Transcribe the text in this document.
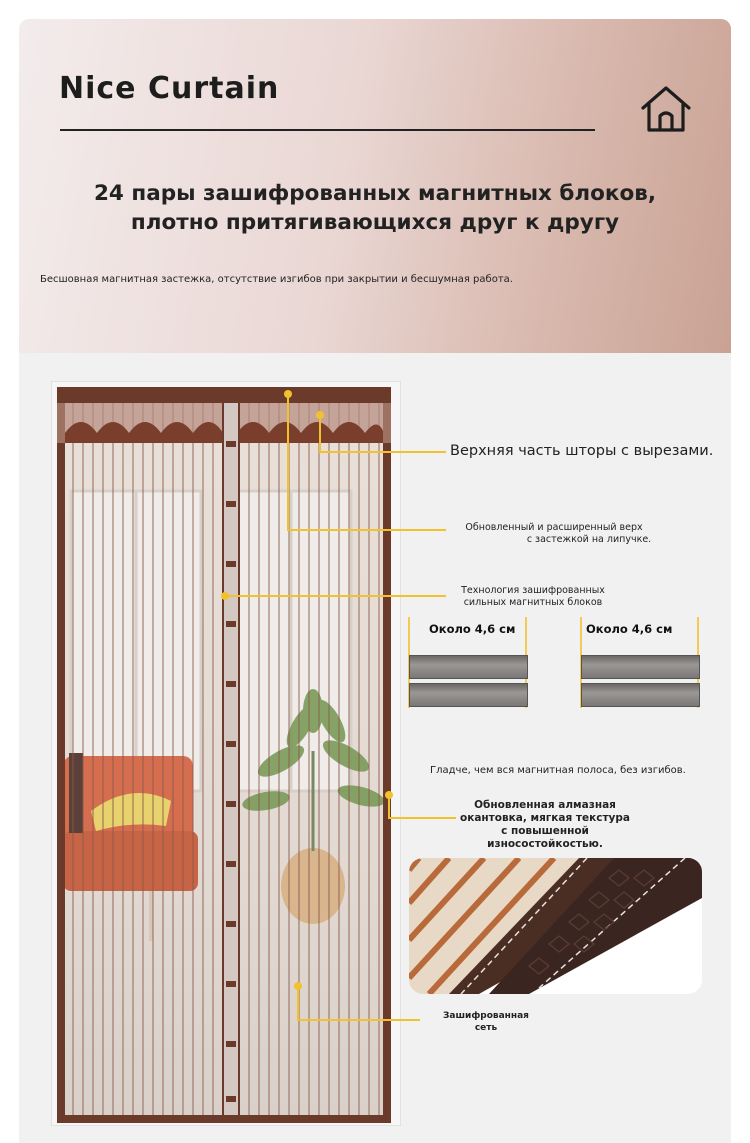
Nice Curtain
24 пары зашифрованных магнитных блоков,
плотно притягивающихся друг к другу
Бесшовная магнитная застежка, отсутствие изгибов при закрытии и бесшумная работа.
Верхняя часть шторы с вырезами.
Обновленный и расширенный верх
с застежкой на липучке.
Технология зашифрованных
сильных магнитных блоков
Около 4,6 см	Около 4,6 см
Гладче, чем вся магнитная полоса, без изгибов.
Обновленная алмазная
окантовка, мягкая текстура
с повышенной
износостойкостью.
Зашифрованная
сеть
